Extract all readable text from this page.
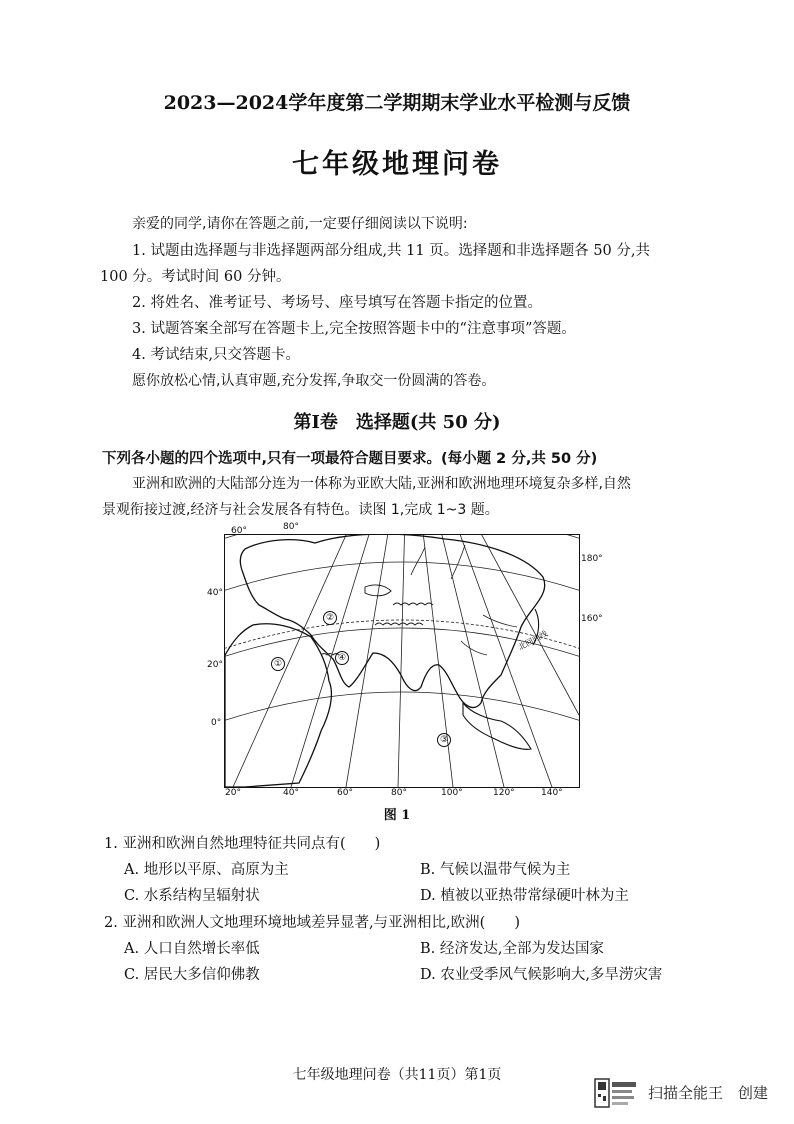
2023—2024学年度第二学期期末学业水平检测与反馈
七年级地理问卷
亲爱的同学,请你在答题之前,一定要仔细阅读以下说明:
1. 试题由选择题与非选择题两部分组成,共 11 页。选择题和非选择题各 50 分,共
100 分。考试时间 60 分钟。
2. 将姓名、准考证号、考场号、座号填写在答题卡指定的位置。
3. 试题答案全部写在答题卡上,完全按照答题卡中的“注意事项”答题。
4. 考试结束,只交答题卡。
愿你放松心情,认真审题,充分发挥,争取交一份圆满的答卷。
第Ⅰ卷　选择题(共 50 分)
下列各小题的四个选项中,只有一项最符合题目要求。(每小题 2 分,共 50 分)
亚洲和欧洲的大陆部分连为一体称为亚欧大陆,亚洲和欧洲地理环境复杂多样,自然
景观衔接过渡,经济与社会发展各有特色。读图 1,完成 1~3 题。
①
②
③
④
北回归线
60°	80°
180°
160°
40°
20°
0°
20°	40°	60°	80°	100°	120°	140°
图 1
1. 亚洲和欧洲自然地理特征共同点有(　　)
A. 地形以平原、高原为主	B. 气候以温带气候为主
C. 水系结构呈辐射状	D. 植被以亚热带常绿硬叶林为主
2. 亚洲和欧洲人文地理环境地域差异显著,与亚洲相比,欧洲(　　)
A. 人口自然增长率低	B. 经济发达,全部为发达国家
C. 居民大多信仰佛教	D. 农业受季风气候影响大,多旱涝灾害
七年级地理问卷（共11页）第1页
扫描全能王　创建
